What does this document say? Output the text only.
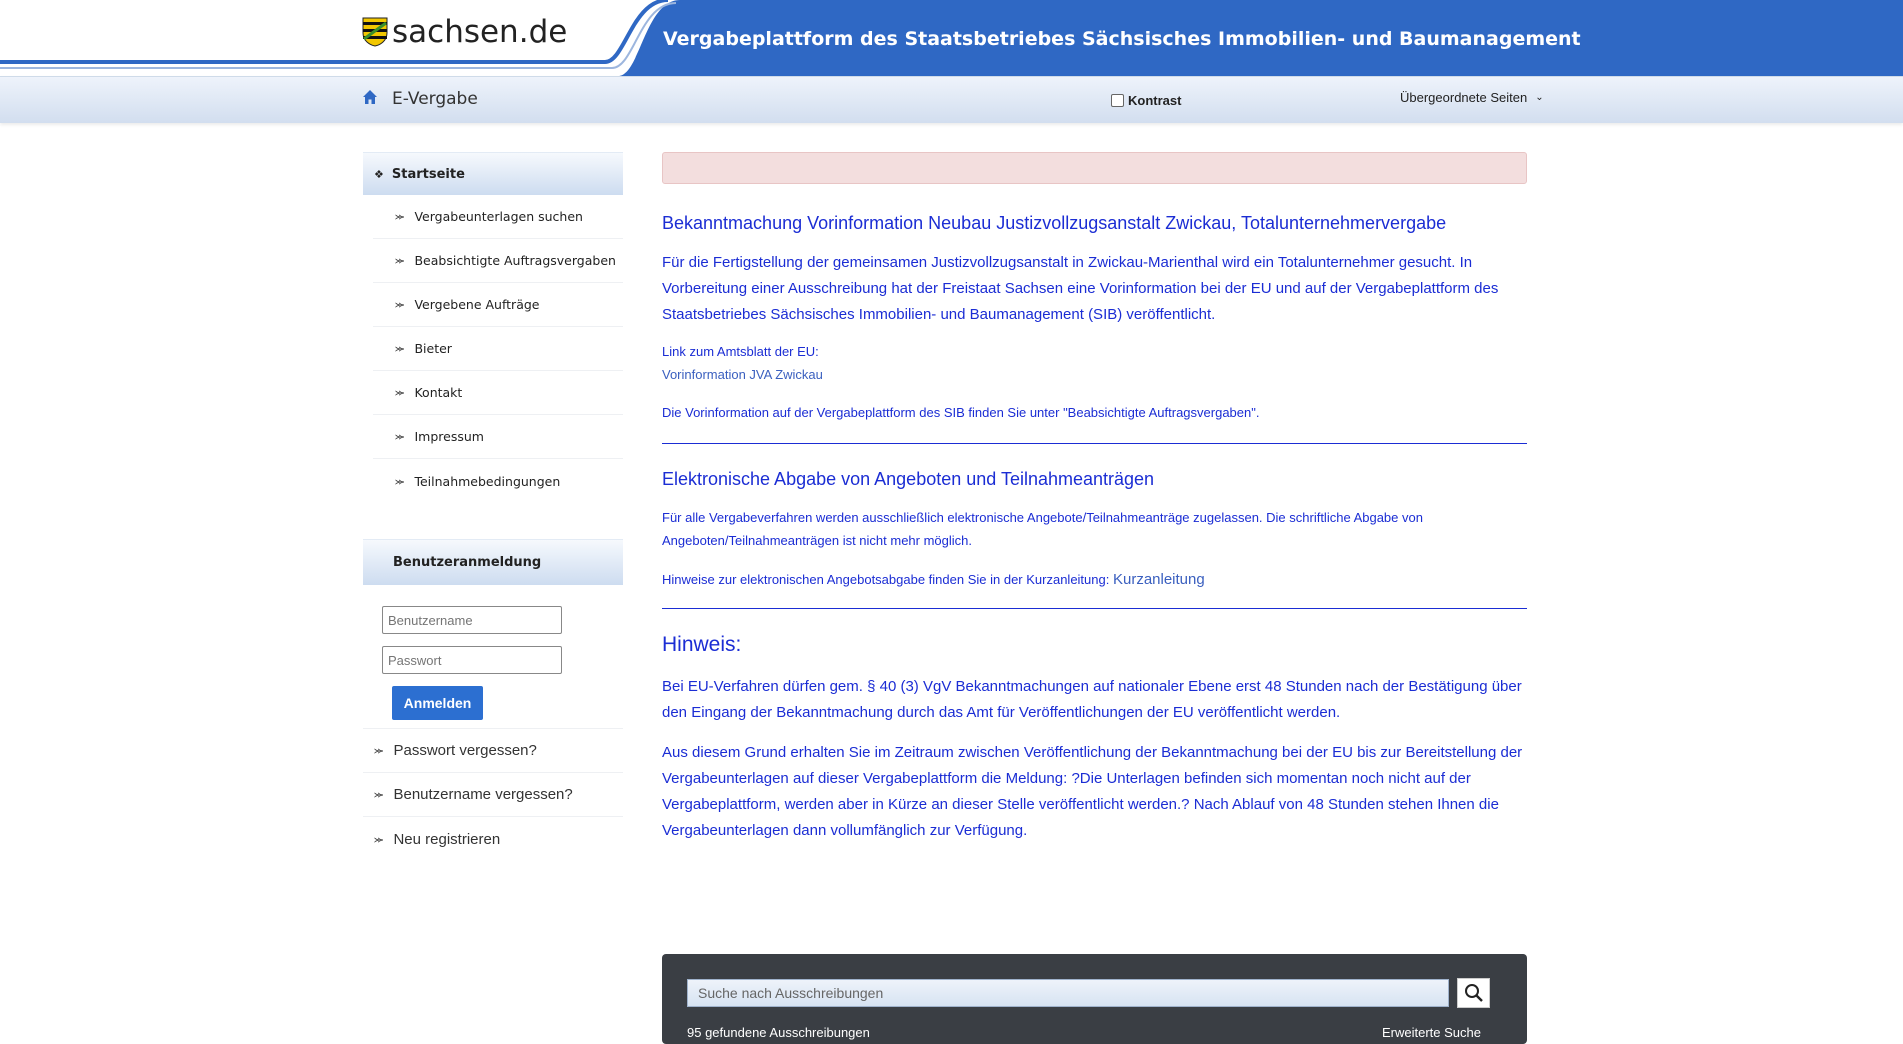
sachsen.de	Vergabeplattform des Staatsbetriebes Sächsisches Immobilien- und Baumanagement
E-Vergabe	Kontrast	Übergeordnete Seiten ⌄
❖ Startseite
⪼ Vergabeunterlagen suchen
⪼ Beabsichtigte Auftragsvergaben
⪼ Vergebene Aufträge
⪼ Bieter
⪼ Kontakt
⪼ Impressum
⪼ Teilnahmebedingungen
Benutzeranmeldung
Benutzername
Anmelden
⪼ Passwort vergessen?
⪼ Benutzername vergessen?
⪼ Neu registrieren
Bekanntmachung Vorinformation Neubau Justizvollzugsanstalt Zwickau, Totalunternehmervergabe

Für die Fertigstellung der gemeinsamen Justizvollzugsanstalt in Zwickau-Marienthal wird ein Totalunternehmer gesucht. In Vorbereitung einer Ausschreibung hat der Freistaat Sachsen eine Vorinformation bei der EU und auf der Vergabeplattform des Staatsbetriebes Sächsisches Immobilien- und Baumanagement (SIB) veröffentlicht.

Link zum Amtsblatt der EU:

Vorinformation JVA Zwickau

Die Vorinformation auf der Vergabeplattform des SIB finden Sie unter "Beabsichtigte Auftragsvergaben".

Elektronische Abgabe von Angeboten und Teilnahmeanträgen

Für alle Vergabeverfahren werden ausschließlich elektronische Angebote/Teilnahmeanträge zugelassen. Die schriftliche Abgabe von Angeboten/Teilnahmeanträgen ist nicht mehr möglich.

Hinweise zur elektronischen Angebotsabgabe finden Sie in der Kurzanleitung: Kurzanleitung

Hinweis:

Bei EU-Verfahren dürfen gem. § 40 (3) VgV Bekanntmachungen auf nationaler Ebene erst 48 Stunden nach der Bestätigung über den Eingang der Bekanntmachung durch das Amt für Veröffentlichungen der EU veröffentlicht werden.

Aus diesem Grund erhalten Sie im Zeitraum zwischen Veröffentlichung der Bekanntmachung bei der EU bis zur Bereitstellung der Vergabeunterlagen auf dieser Vergabeplattform die Meldung: ?Die Unterlagen befinden sich momentan noch nicht auf der Vergabeplattform, werden aber in Kürze an dieser Stelle veröffentlicht werden.? Nach Ablauf von 48 Stunden stehen Ihnen die Vergabeunterlagen dann vollumfänglich zur Verfügung.

Suche nach Ausschreibungen
95 gefundene Ausschreibungen	Erweiterte Suche
